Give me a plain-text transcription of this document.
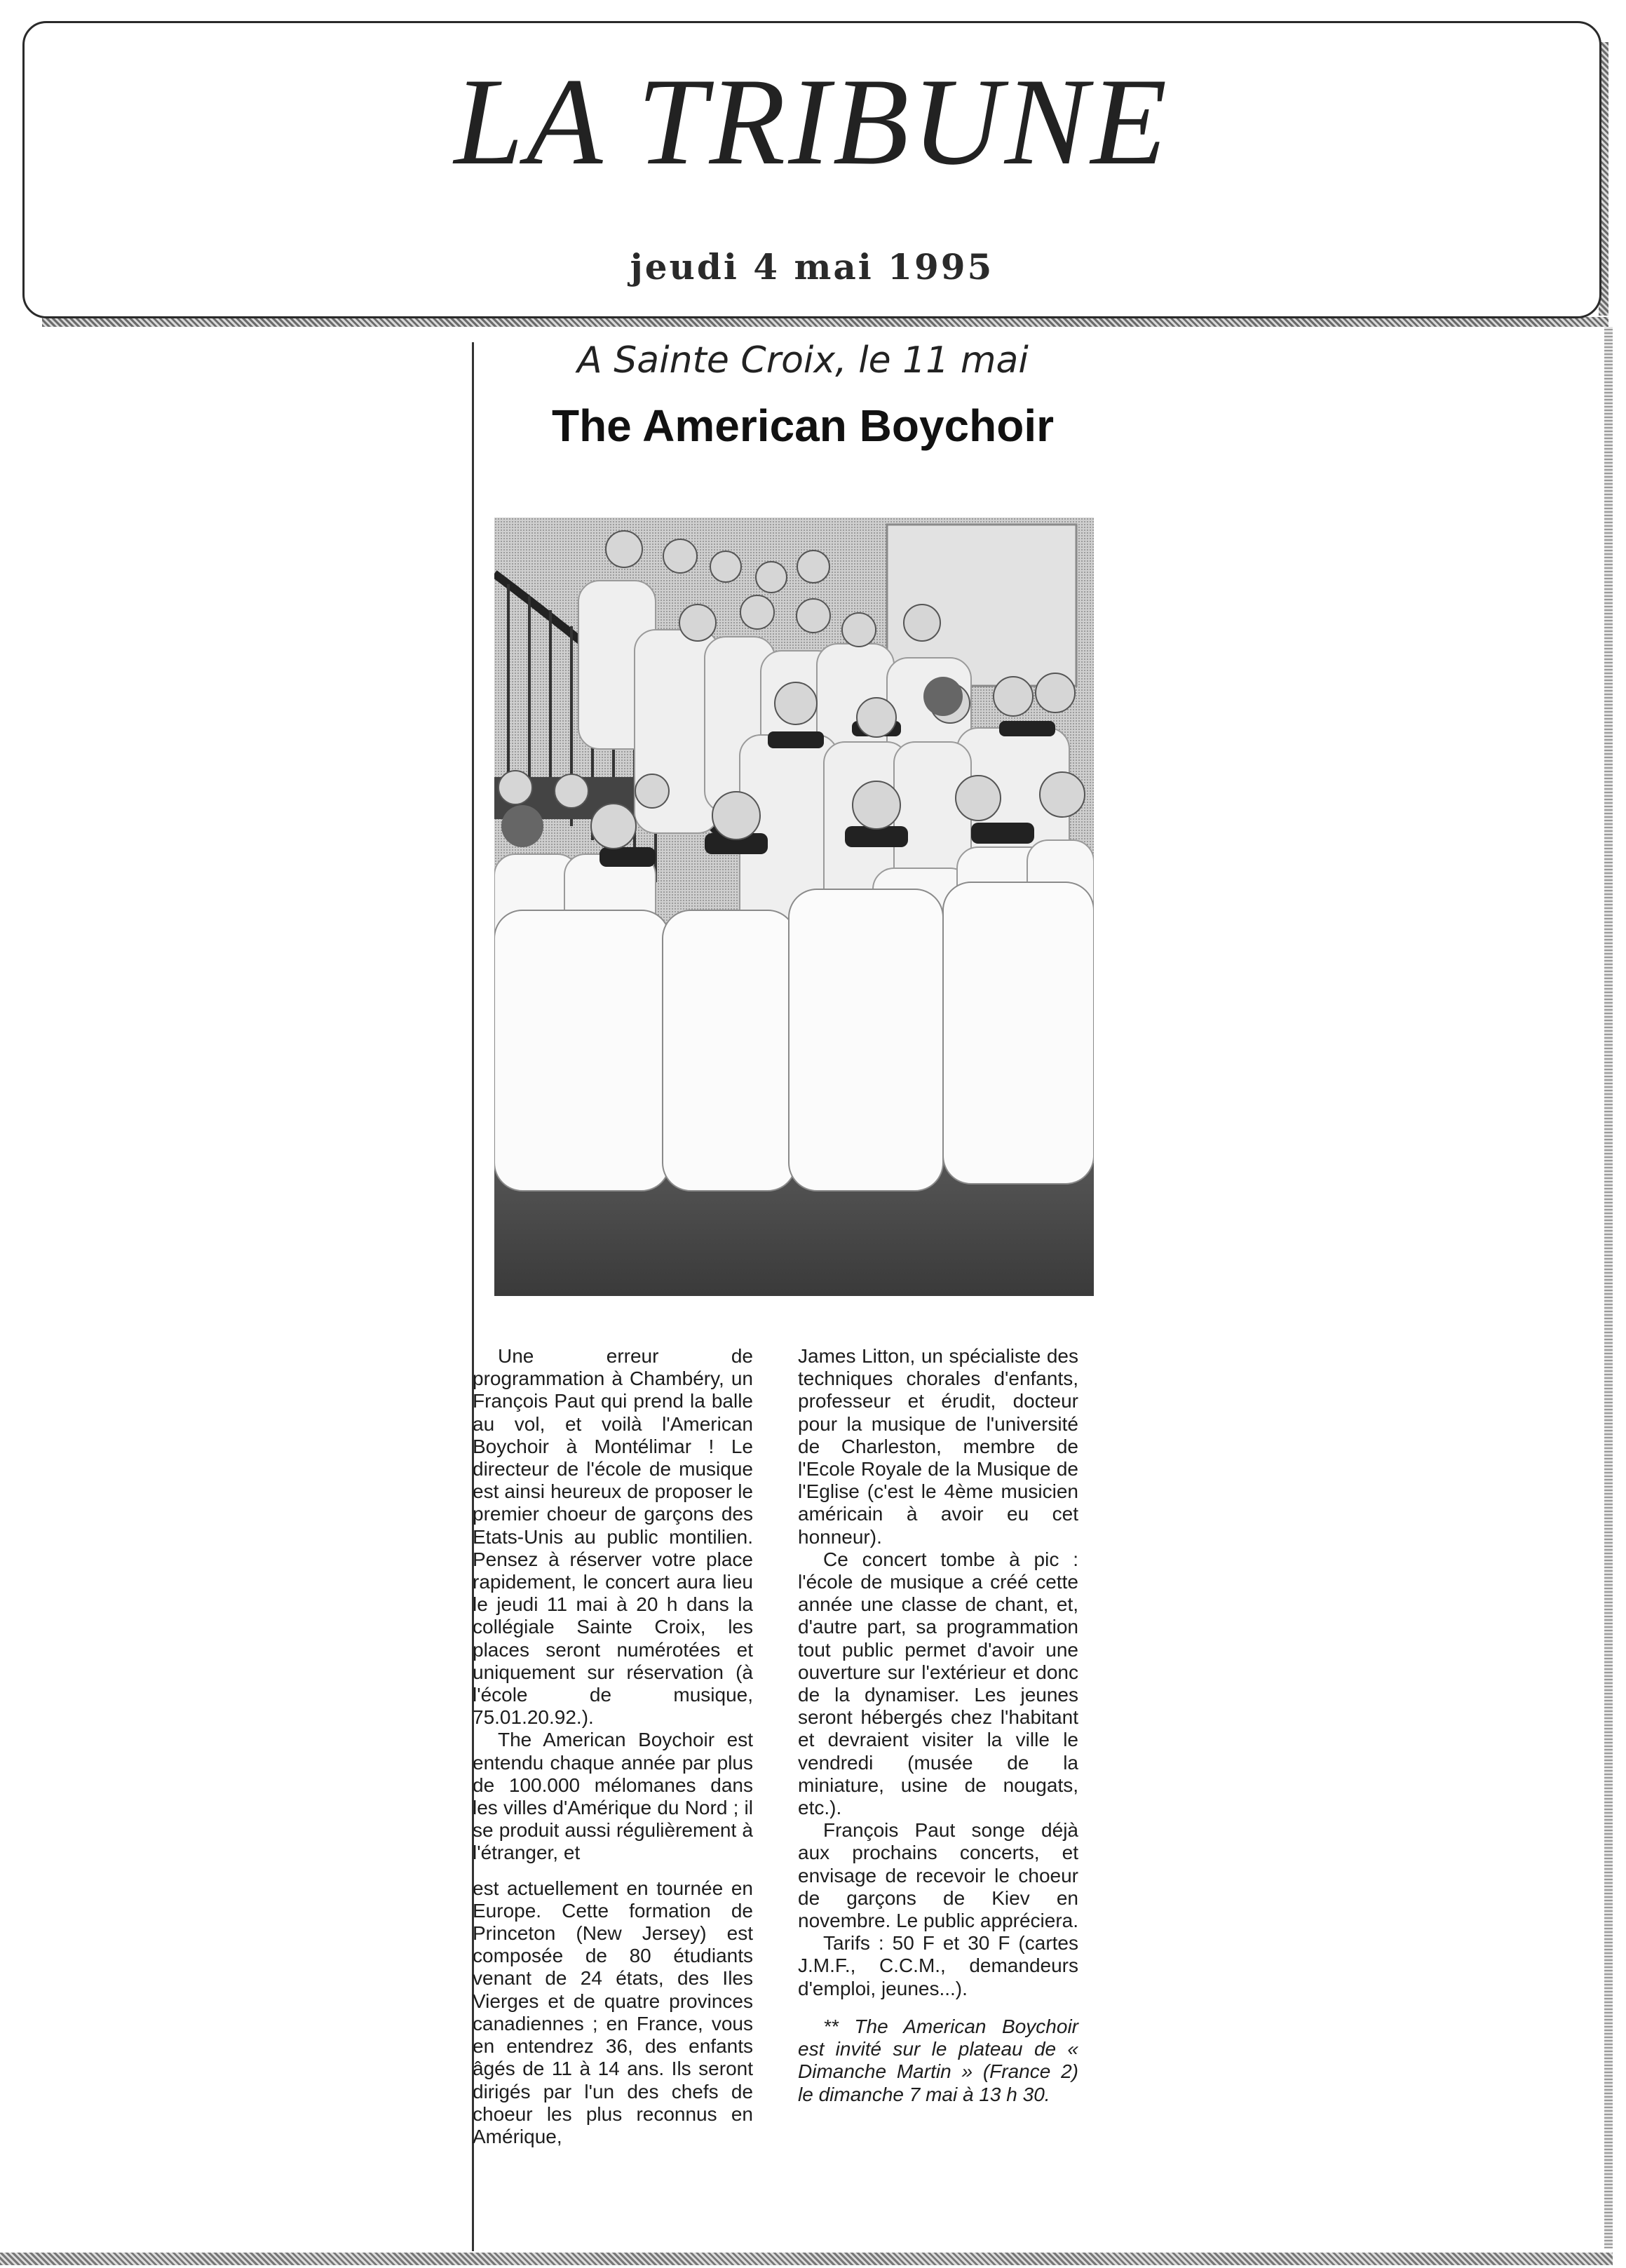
LA TRIBUNE
jeudi 4 mai 1995
A Sainte Croix, le 11 mai
The American Boychoir

Une erreur de programmation à Chambéry, un François Paut qui prend la balle au vol, et voilà l'American Boychoir à Montélimar ! Le directeur de l'école de musique est ainsi heureux de proposer le premier choeur de garçons des Etats-Unis au public montilien. Pensez à réserver votre place rapidement, le concert aura lieu le jeudi 11 mai à 20 h dans la collégiale Sainte Croix, les places seront numérotées et uniquement sur réservation (à l'école de musique, 75.01.20.92.).

The American Boychoir est entendu chaque année par plus de 100.000 mélomanes dans les villes d'Amérique du Nord ; il se produit aussi régulièrement à l'étranger, et

est actuellement en tournée en Europe. Cette formation de Princeton (New Jersey) est composée de 80 étudiants venant de 24 états, des Iles Vierges et de quatre provinces canadiennes ; en France, vous en entendrez 36, des enfants âgés de 11 à 14 ans. Ils seront dirigés par l'un des chefs de choeur les plus reconnus en Amérique,

James Litton, un spécialiste des techniques chorales d'enfants, professeur et érudit, docteur pour la musique de l'université de Charleston, membre de l'Ecole Royale de la Musique de l'Eglise (c'est le 4ème musicien américain à avoir eu cet honneur).

Ce concert tombe à pic : l'école de musique a créé cette année une classe de chant, et, d'autre part, sa programmation tout public permet d'avoir une ouverture sur l'extérieur et donc de la dynamiser. Les jeunes seront hébergés chez l'habitant et devraient visiter la ville le vendredi (musée de la miniature, usine de nougats, etc.).

François Paut songe déjà aux prochains concerts, et envisage de recevoir le choeur de garçons de Kiev en novembre. Le public appréciera.

Tarifs : 50 F et 30 F (cartes J.M.F., C.C.M., demandeurs d'emploi, jeunes...).

** The American Boychoir est invité sur le plateau de « Dimanche Martin » (France 2) le dimanche 7 mai à 13 h 30.
